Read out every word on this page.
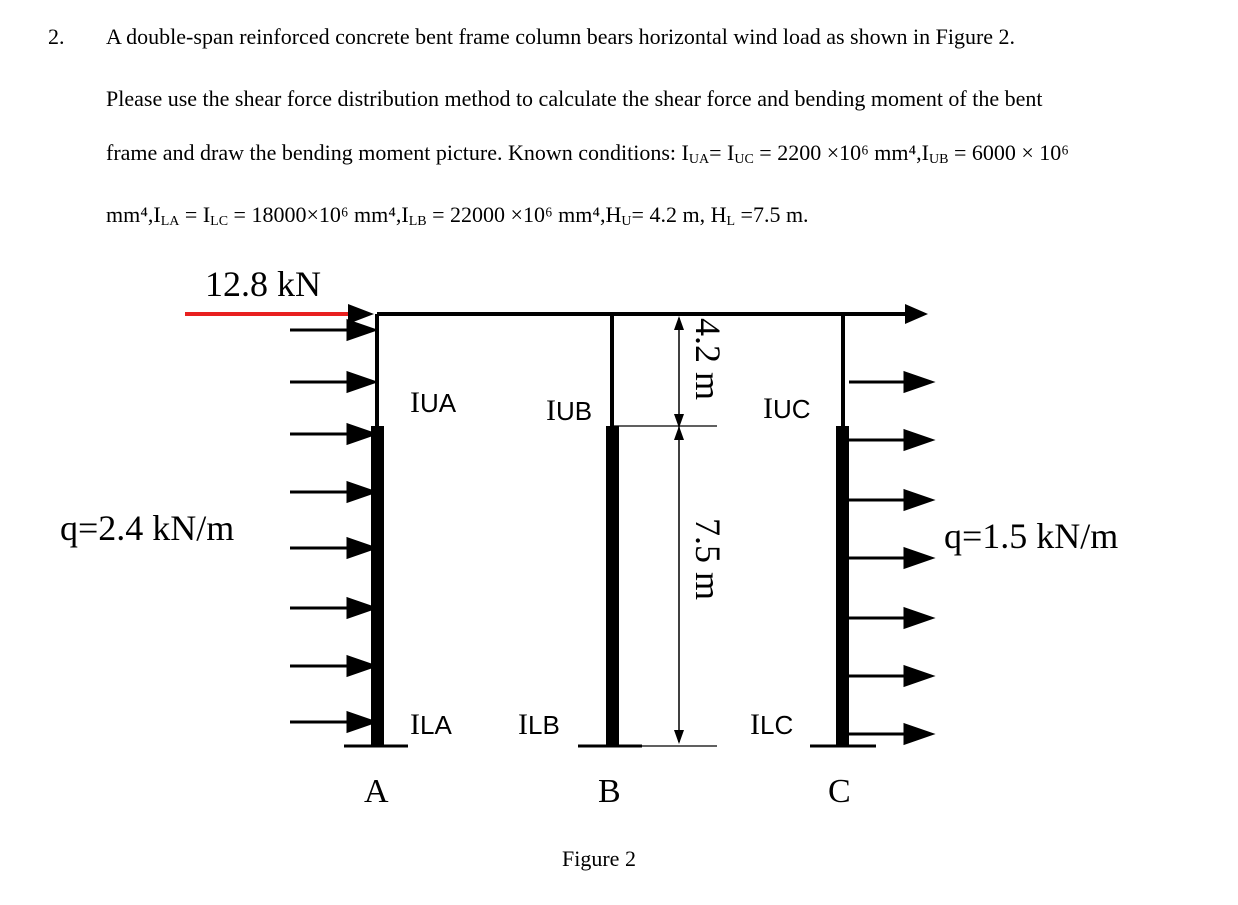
2. A double-span reinforced concrete bent frame column bears horizontal wind load as shown in Figure 2.
Please use the shear force distribution method to calculate the shear force and bending moment of the bent
frame and draw the bending moment picture. Known conditions: $I_{UA}= I_{UC} = 2200 \times 10^6$ $mm^4,I_{UB} = 6000 \times 10^6$
$mm^4,I_{LA} = I_{LC} = 18000\times 10^6$ $mm^4,I_{LB} = 22000 \times 10^6$ $mm^4,H_U= 4.2$ m, $H_L =7.5$ m.
12.8 kN
q=2.4 kN/m	q=1.5 kN/m
IUA	IUB	IUC
ILA ILB	ILC
4.2 m
7.5 m
A	B	C
Figure 2
